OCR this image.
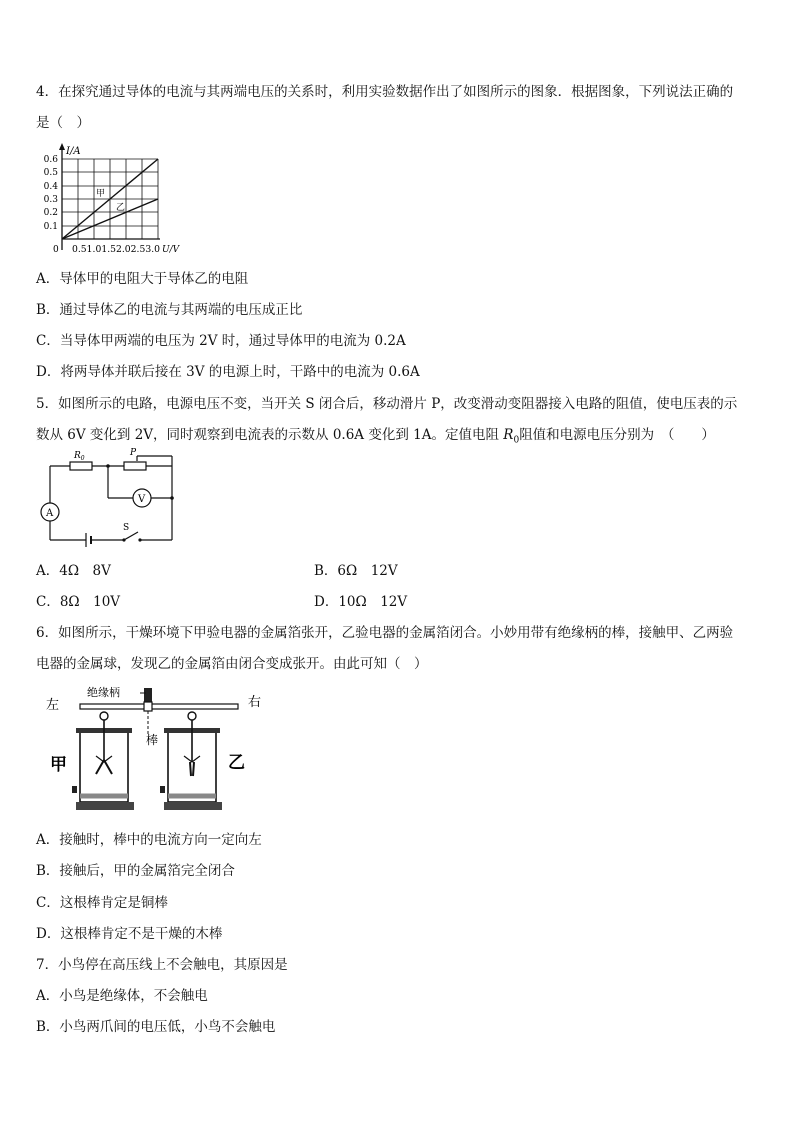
4．在探究通过导体的电流与其两端电压的关系时，利用实验数据作出了如图所示的图象．根据图象，下列说法正确的
是（　）
I/A
0.1
0.2
0.3
0.4
0.5
0.6
0 0.51.01.52.02.53.0 U/V
甲
乙
A．导体甲的电阻大于导体乙的电阻
B．通过导体乙的电流与其两端的电压成正比
C．当导体甲两端的电压为 2V 时，通过导体甲的电流为 0.2A
D．将两导体并联后接在 3V 的电源上时，干路中的电流为 0.6A
5．如图所示的电路，电源电压不变，当开关 S 闭合后，移动滑片 P，改变滑动变阻器接入电路的阻值，使电压表的示
数从 6V 变化到 2V，同时观察到电流表的示数从 0.6A 变化到 1A。定值电阻 $R_0$阻值和电源电压分别为　（　　）
$R_0$
P
V
A
S
A．4Ω　8V	B．6Ω　12V
C．8Ω　10V	D．10Ω　12V
6．如图所示，干燥环境下甲验电器的金属箔张开，乙验电器的金属箔闭合。小妙用带有绝缘柄的棒，接触甲、乙两验
电器的金属球，发现乙的金属箔由闭合变成张开。由此可知（　）
左	右
绝缘柄
棒
甲	乙
A．接触时，棒中的电流方向一定向左
B．接触后，甲的金属箔完全闭合
C．这根棒肯定是铜棒
D．这根棒肯定不是干燥的木棒
7．小鸟停在高压线上不会触电，其原因是
A．小鸟是绝缘体，不会触电
B．小鸟两爪间的电压低，小鸟不会触电
